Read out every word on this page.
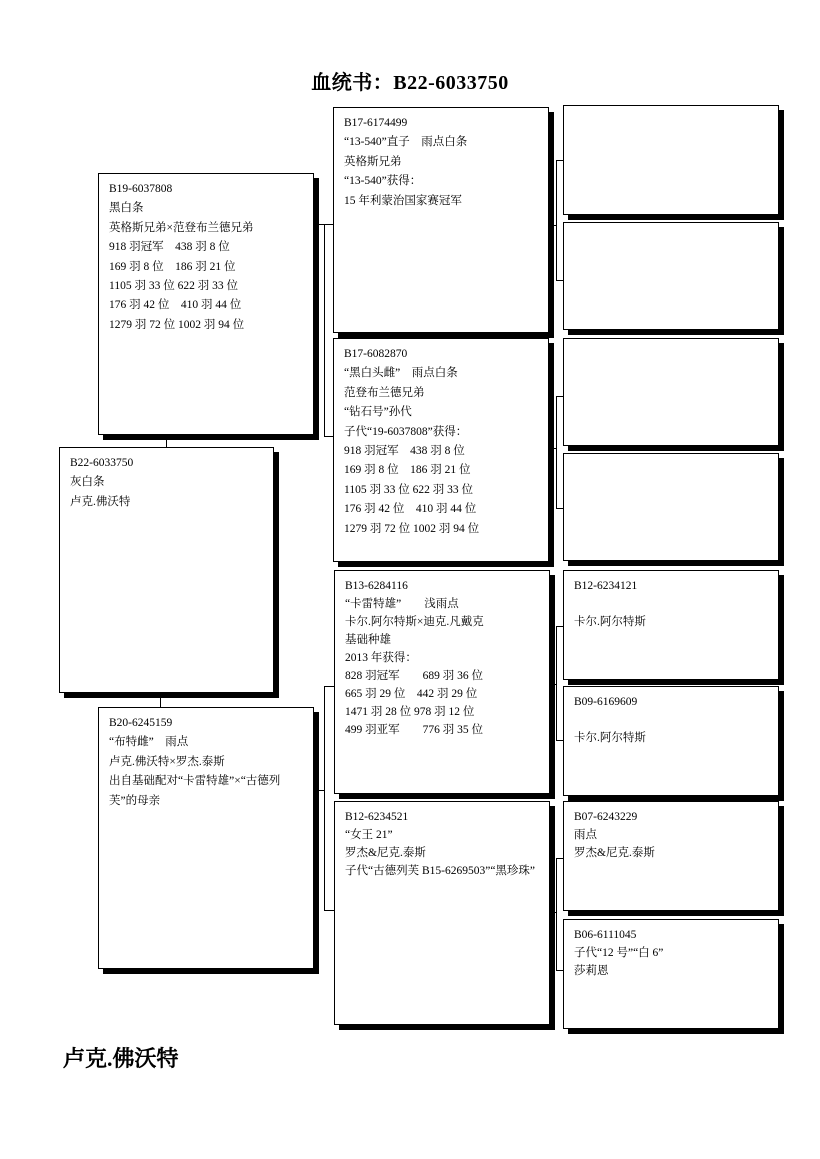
血统书：B22-6033750
B22-6033750
灰白条
卢克.佛沃特
B19-6037808
黑白条
英格斯兄弟×范登布兰德兄弟
918 羽冠军　438 羽 8 位
169 羽 8 位　186 羽 21 位
1105 羽 33 位 622 羽 33 位
176 羽 42 位　410 羽 44 位
1279 羽 72 位 1002 羽 94 位
B20-6245159
“布特雌”　雨点
卢克.佛沃特×罗杰.泰斯
出自基础配对“卡雷特雄”×“古德列芙”的母亲
B17-6174499
“13-540”直子　雨点白条
英格斯兄弟
“13-540”获得：
15 年利蒙治国家赛冠军
B17-6082870
“黑白头雌”　雨点白条
范登布兰德兄弟
“钻石号”孙代
子代“19-6037808”获得：
918 羽冠军　438 羽 8 位
169 羽 8 位　186 羽 21 位
1105 羽 33 位 622 羽 33 位
176 羽 42 位　410 羽 44 位
1279 羽 72 位 1002 羽 94 位
B13-6284116
“卡雷特雄”　　浅雨点
卡尔.阿尔特斯×迪克.凡戴克
基础种雄
2013 年获得：
828 羽冠军　　689 羽 36 位
665 羽 29 位　442 羽 29 位
1471 羽 28 位 978 羽 12 位
499 羽亚军　　776 羽 35 位
B12-6234521
“女王 21”
罗杰&尼克.泰斯
子代“古德列芙 B15-6269503”“黑珍珠”
B12-6234121
卡尔.阿尔特斯
B09-6169609
卡尔.阿尔特斯
B07-6243229
雨点
罗杰&尼克.泰斯
B06-6111045
子代“12 号”“白 6”
莎莉恩
卢克.佛沃特
